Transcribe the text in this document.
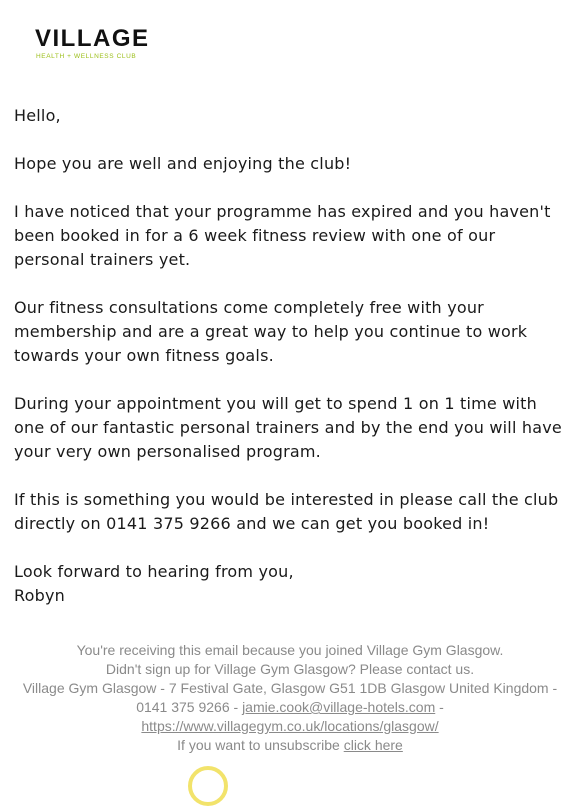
VILLAGE
HEALTH + WELLNESS CLUB

Hello,

Hope you are well and enjoying the club!

I have noticed that your programme has expired and you haven't been booked in for a 6 week fitness review with one of our personal trainers yet.

Our fitness consultations come completely free with your membership and are a great way to help you continue to work towards your own fitness goals.

During your appointment you will get to spend 1 on 1 time with one of our fantastic personal trainers and by the end you will have your very own personalised program.

If this is something you would be interested in please call the club directly on 0141 375 9266 and we can get you booked in!

Look forward to hearing from you,

Robyn

You're receiving this email because you joined Village Gym Glasgow.
Didn't sign up for Village Gym Glasgow? Please contact us.
Village Gym Glasgow - 7 Festival Gate, Glasgow G51 1DB Glasgow United Kingdom - 0141 375 9266 - jamie.cook@village-hotels.com - https://www.villagegym.co.uk/locations/glasgow/
If you want to unsubscribe click here
